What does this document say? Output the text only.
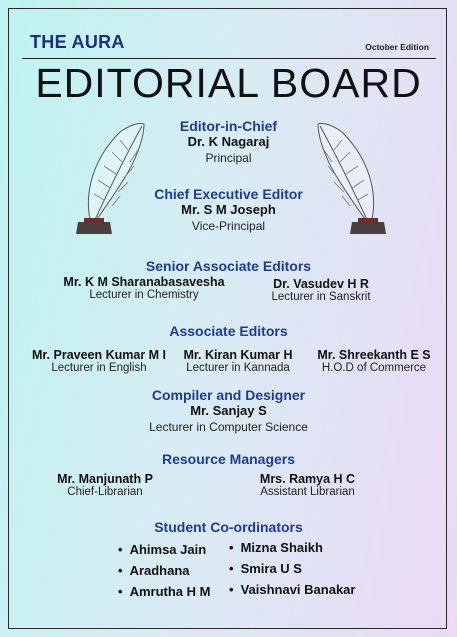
THE AURA	October Edition
EDITORIAL BOARD
Editor-in-Chief
Dr. K Nagaraj
Principal
Chief Executive Editor
Mr. S M Joseph
Vice-Principal
Senior Associate Editors
Mr. K M Sharanabasavesha
Lecturer in Chemistry
Dr. Vasudev H R
Lecturer in Sanskrit
Associate Editors
Mr. Praveen Kumar M I
Lecturer in English
Mr. Kiran Kumar H
Lecturer in Kannada
Mr. Shreekanth E S
H.O.D of Commerce
Compiler and Designer
Mr. Sanjay S
Lecturer in Computer Science
Resource Managers
Mr. Manjunath P
Chief-Librarian
Mrs. Ramya H C
Assistant Librarian
Student Co-ordinators
• Ahimsa Jain
• Aradhana
• Amrutha H M
• Mizna Shaikh
• Smira U S
• Vaishnavi Banakar
